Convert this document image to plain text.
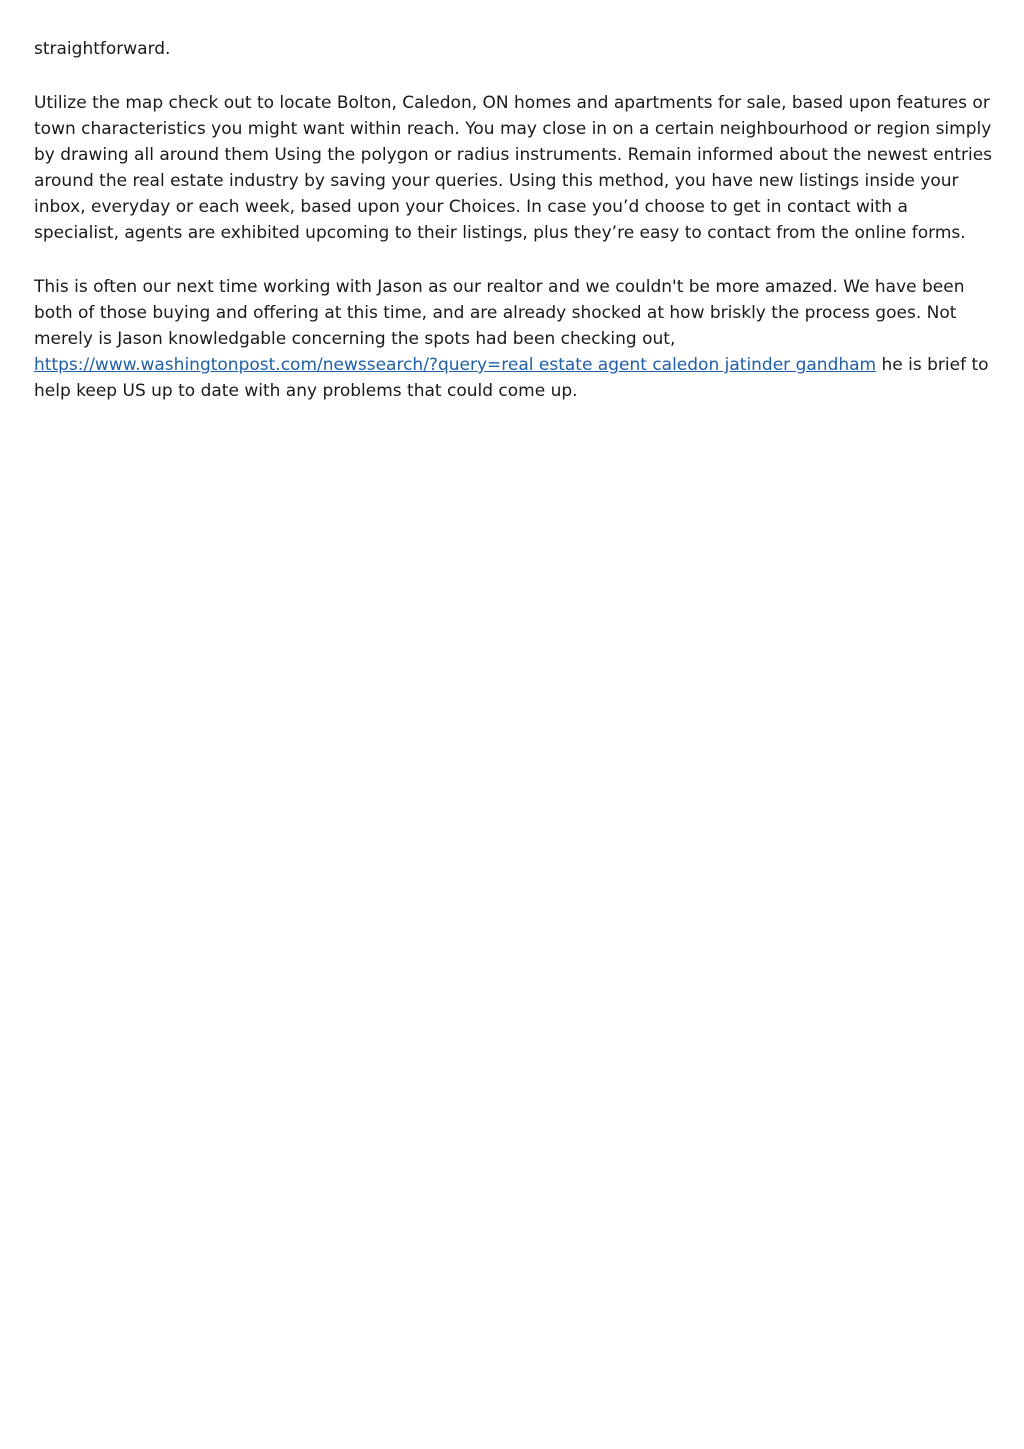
straightforward.

Utilize the map check out to locate Bolton, Caledon, ON homes and apartments for sale, based upon features or town characteristics you might want within reach. You may close in on a certain neighbourhood or region simply by drawing all around them Using the polygon or radius instruments. Remain informed about the newest entries around the real estate industry by saving your queries. Using this method, you have new listings inside your inbox, everyday or each week, based upon your Choices. In case you’d choose to get in contact with a specialist, agents are exhibited upcoming to their listings, plus they’re easy to contact from the online forms.

This is often our next time working with Jason as our realtor and we couldn't be more amazed. We have been both of those buying and offering at this time, and are already shocked at how briskly the process goes. Not merely is Jason knowledgable concerning the spots had been checking out,
https://www.washingtonpost.com/newssearch/?query=real estate agent caledon jatinder gandham he is brief to help keep US up to date with any problems that could come up.
